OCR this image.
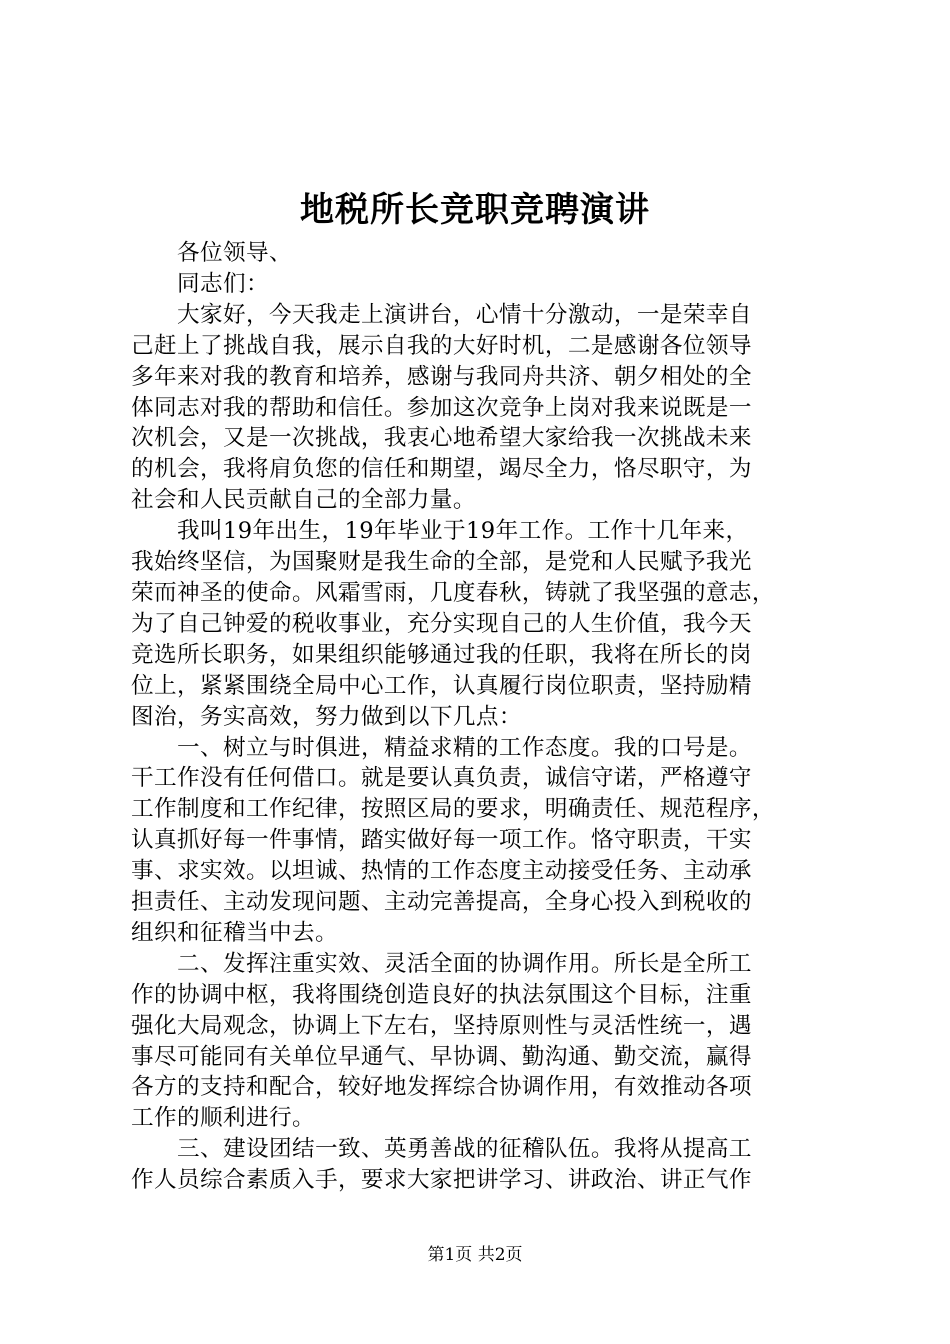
地税所长竞职竞聘演讲

各位领导、

同志们：

大家好，今天我走上演讲台，心情十分激动，一是荣幸自

己赶上了挑战自我，展示自我的大好时机，二是感谢各位领导

多年来对我的教育和培养，感谢与我同舟共济、朝夕相处的全

体同志对我的帮助和信任。参加这次竞争上岗对我来说既是一

次机会，又是一次挑战，我衷心地希望大家给我一次挑战未来

的机会，我将肩负您的信任和期望，竭尽全力，恪尽职守，为

社会和人民贡献自己的全部力量。

我叫19年出生，19年毕业于19年工作。工作十几年来，

我始终坚信，为国聚财是我生命的全部，是党和人民赋予我光

荣而神圣的使命。风霜雪雨，几度春秋，铸就了我坚强的意志，

为了自己钟爱的税收事业，充分实现自己的人生价值，我今天

竞选所长职务，如果组织能够通过我的任职，我将在所长的岗

位上，紧紧围绕全局中心工作，认真履行岗位职责，坚持励精

图治，务实高效，努力做到以下几点：

一、树立与时俱进，精益求精的工作态度。我的口号是。

干工作没有任何借口。就是要认真负责，诚信守诺，严格遵守

工作制度和工作纪律，按照区局的要求，明确责任、规范程序，

认真抓好每一件事情，踏实做好每一项工作。恪守职责，干实

事、求实效。以坦诚、热情的工作态度主动接受任务、主动承

担责任、主动发现问题、主动完善提高，全身心投入到税收的

组织和征稽当中去。

二、发挥注重实效、灵活全面的协调作用。所长是全所工

作的协调中枢，我将围绕创造良好的执法氛围这个目标，注重

强化大局观念，协调上下左右，坚持原则性与灵活性统一，遇

事尽可能同有关单位早通气、早协调、勤沟通、勤交流，赢得

各方的支持和配合，较好地发挥综合协调作用，有效推动各项

工作的顺利进行。

三、建设团结一致、英勇善战的征稽队伍。我将从提高工

作人员综合素质入手，要求大家把讲学习、讲政治、讲正气作

第1页 共2页
